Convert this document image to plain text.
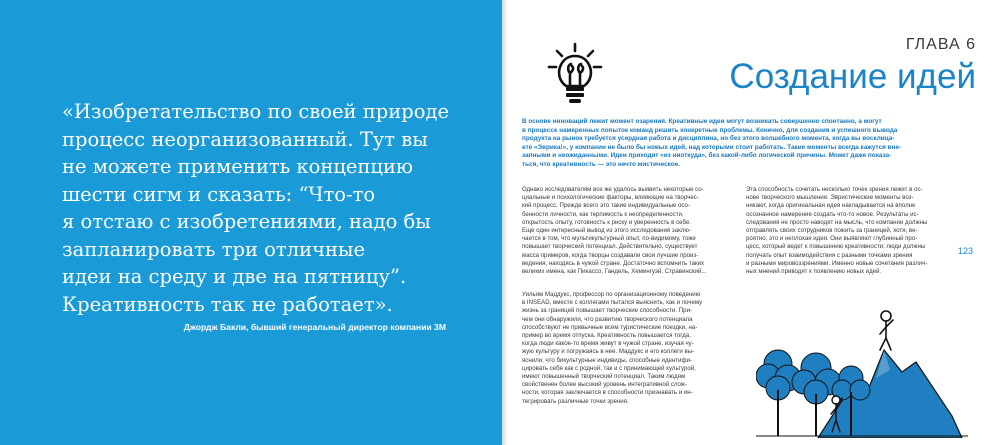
«Изобретательство по своей природе
процесс неорганизованный. Тут вы
не можете применить концепцию
шести сигм и сказать: “Что-то
я отстаю с изобретениями, надо бы
запланировать три отличные
идеи на среду и две на пятницу”.
Креативность так не работает».

Джордж Бакли, бывший генеральный директор компании 3M

ГЛАВА 6

Создание идей

В основе инноваций лежит момент озарения. Креативные идеи могут возникать совершенно спонтанно, а могут
в процессе намеренных попыток команд решить конкретные проблемы. Конечно, для создания и успешного вывода
продукта на рынок требуется усердная работа и дисциплина, но без этого волшебного момента, когда вы восклица-
ете «Эврика!», у компании не было бы новых идей, над которыми стоит работать. Такие моменты всегда кажутся вне-
запными и неожиданными. Идеи приходят «из ниоткуда», без какой-либо логической причины. Может даже показа-
ться, что креативность — это нечто мистическое.

Однако исследователям все же удалось выявить некоторые со-
циальные и психологические факторы, влияющие на творчес-
кий процесс. Прежде всего это такие индивидуальные осо-
бенности личности, как терпимость к неопределенности,
открытость опыту, готовность к риску и уверенность в себе.
Еще один интересный вывод из этого исследования заклю-
чается в том, что мультикультурный опыт, по-видимому, тоже
повышает творческий потенциал. Действительно, существует
масса примеров, когда творцы создавали свои лучшие произ-
ведения, находясь в чужой стране. Достаточно вспомнить таких
великих имена, как Пикассо, Гандель, Хемингуэй, Стравинский...
Уильям Маддукс, профессор по организационному поведению
в INSEAD, вместе с коллегами пытался выяснить, как и почему
жизнь за границей повышает творческие способности. При-
чем они обнаружили, что развитию творческого потенциала
способствуют не привычные всем туристические поездки, на-
пример во время отпуска. Креативность повышается тогда,
когда люди какое-то время живут в чужой стране, изучая чу-
жую культуру и погружаясь в нее. Маддукс и его коллеги вы-
яснили, что бикультурные индивиды, способные идентифи-
цировать себя как с родной, так и с принимающей культурой,
имеют повышенный творческий потенциал. Таким людям
свойственен более высокий уровень интегративной слож-
ности, которая заключается в способности признавать и ин-
тегрировать различные точки зрения.
Эта способность сочетать несколько точек зрения лежит в ос-
нове творческого мышления. Эвристические моменты воз-
никают, когда оригинальная идея накладывается на вполне
осознанное намерение создать что-то новое. Результаты ис-
следования не просто наводят на мысль, что компании должны
отправлять своих сотрудников пожить за границей, хотя, ве-
роятно, это и неплохая идея. Они выявляют глубинный про-
цесс, который ведет к повышению креативности: люди должны
получать опыт взаимодействия с разными точками зрения
и разными мировоззрениями. Именно новые сочетания различ-
ных мнений приводят к появлению новых идей.

123
